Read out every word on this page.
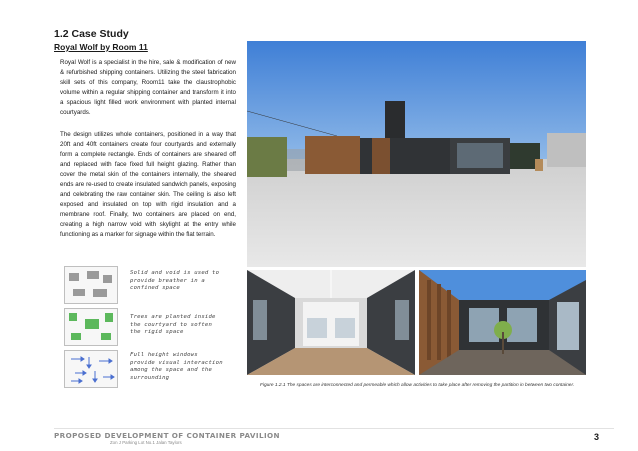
1.2 Case Study
Royal Wolf by Room 11
Royal Wolf is a specialist in the hire, sale & modification of new & refurbished shipping containers. Utilizing the steel fabrication skill sets of this company, Room11 take the claustrophobic volume within a regular shipping container and transform it into a spacious light filled work environment with planted internal courtyards.
The design utilizes whole containers, positioned in a way that 20ft and 40ft containers create four courtyards and externally form a complete rectangle. Ends of containers are sheared off and replaced with face fixed full height glazing. Rather than cover the metal skin of the containers internally, the sheared ends are re-used to create insulated sandwich panels, exposing and celebrating the raw container skin. The ceiling is also left exposed and insulated on top with rigid insulation and a membrane roof. Finally, two containers are placed on end, creating a high narrow void with skylight at the entry while functioning as a marker for signage within the flat terrain.
Solid and void is used to provide breather in a confined space
Trees are planted inside the courtyard to soften the rigid space
Full height windows provide visual interaction among the space and the surrounding
Figure 1.2.1 The spaces are interconnected and permeable which allow activities to take place after removing the partition in between two container.
PROPOSED DEVELOPMENT OF CONTAINER PAVILION
Zon J Parking Lot No.1 Jalan Taylors
3
